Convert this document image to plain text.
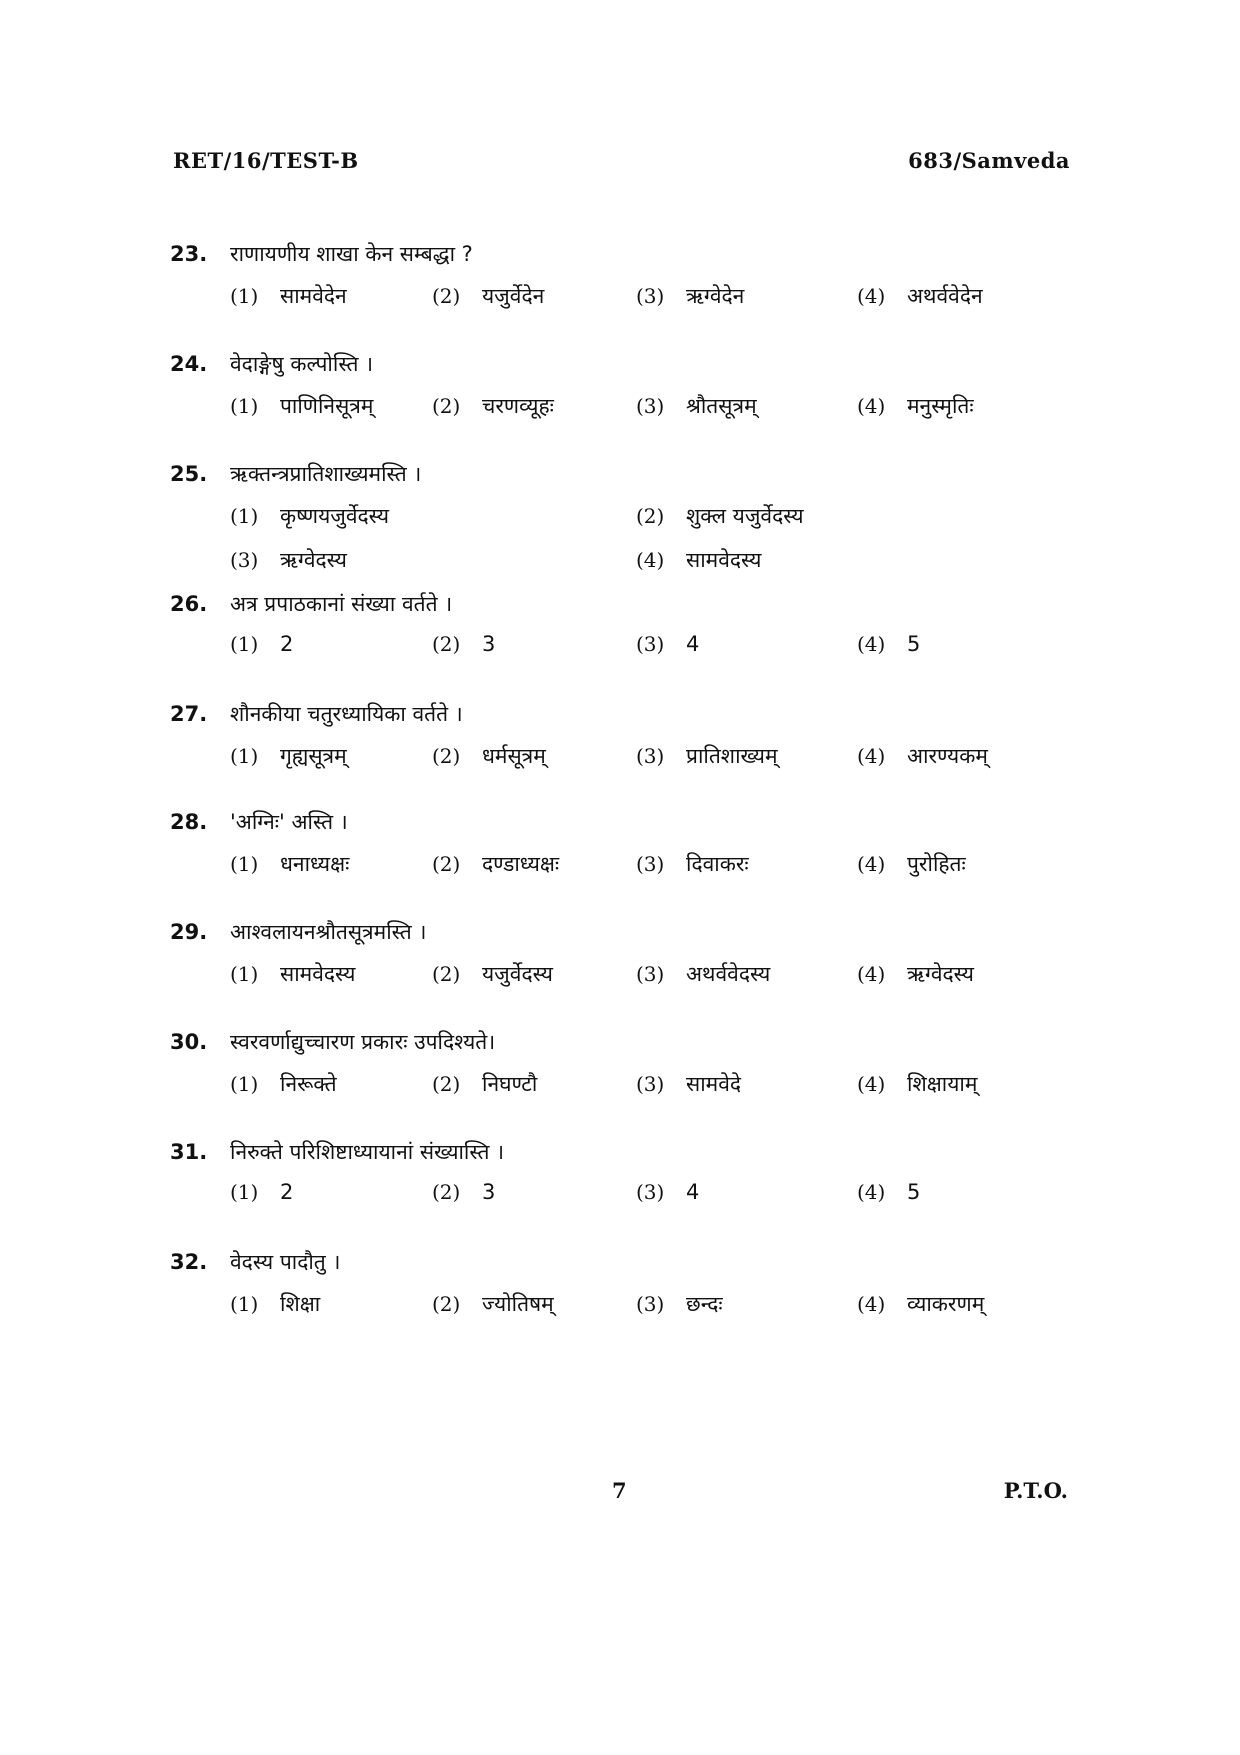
RET/16/TEST-B	683/Samveda
23.	राणायणीय शाखा केन सम्बद्धा ?
(1)	सामवेदेन	(2)	यजुर्वेदेन	(3)	ऋग्वेदेन	(4)	अथर्ववेदेन
24.	वेदाङ्गेषु कल्पोस्ति ।
(1)	पाणिनिसूत्रम्	(2)	चरणव्यूहः	(3)	श्रौतसूत्रम्	(4)	मनुस्मृतिः
25.	ऋक्तन्त्रप्रातिशाख्यमस्ति ।
(1)	कृष्णयजुर्वेदस्य	(2)	शुक्ल यजुर्वेदस्य
(3)	ऋग्वेदस्य	(4)	सामवेदस्य
26.	अत्र प्रपाठकानां संख्या वर्तते ।
(1)	2	(2)	3	(3)	4	(4)	5
27.	शौनकीया चतुरध्यायिका वर्तते ।
(1)	गृह्यसूत्रम्	(2)	धर्मसूत्रम्	(3)	प्रातिशाख्यम्	(4)	आरण्यकम्
28.	'अग्निः' अस्ति ।
(1)	धनाध्यक्षः	(2)	दण्डाध्यक्षः	(3)	दिवाकरः	(4)	पुरोहितः
29.	आश्वलायनश्रौतसूत्रमस्ति ।
(1)	सामवेदस्य	(2)	यजुर्वेदस्य	(3)	अथर्ववेदस्य	(4)	ऋग्वेदस्य
30.	स्वरवर्णाद्युच्चारण प्रकारः उपदिश्यते।
(1)	निरूक्ते	(2)	निघण्टौ	(3)	सामवेदे	(4)	शिक्षायाम्
31.	निरुक्ते परिशिष्टाध्यायानां संख्यास्ति ।
(1)	2	(2)	3	(3)	4	(4)	5
32.	वेदस्य पादौतु ।
(1)	शिक्षा	(2)	ज्योतिषम्	(3)	छन्दः	(4)	व्याकरणम्
7	P.T.O.
